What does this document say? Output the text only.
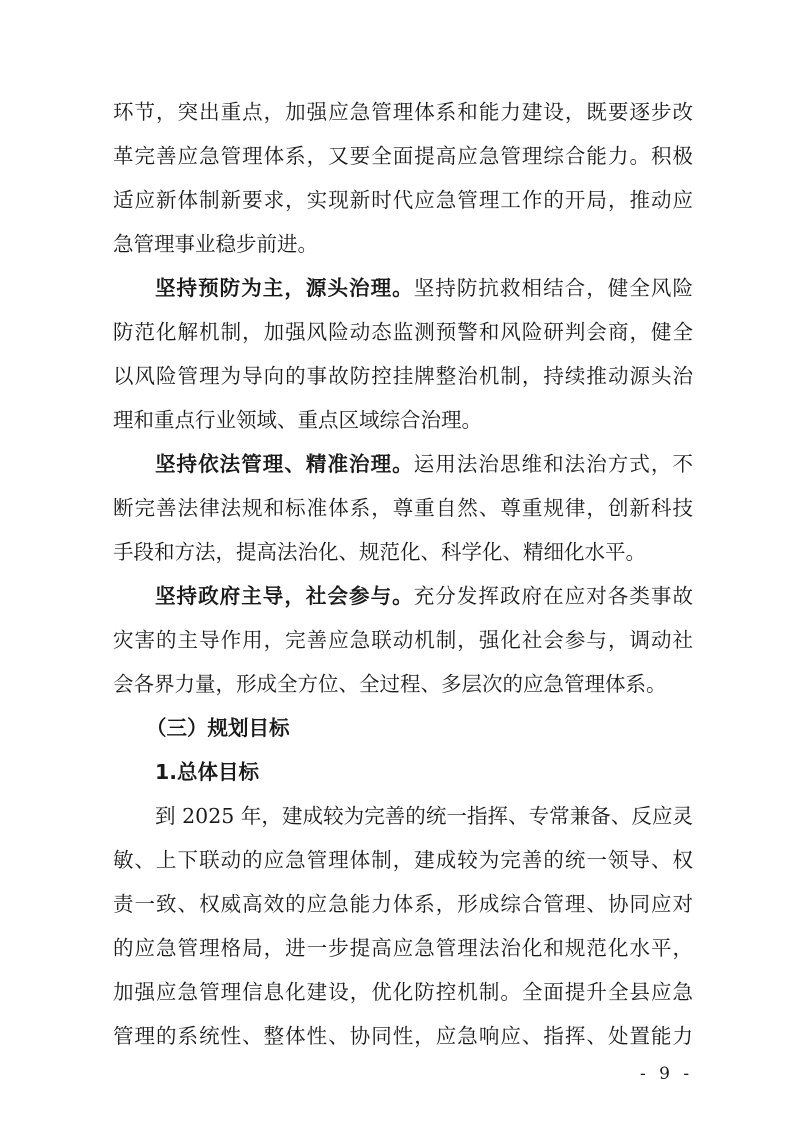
环节，突出重点，加强应急管理体系和能力建设，既要逐步改
革完善应急管理体系，又要全面提高应急管理综合能力。积极
适应新体制新要求，实现新时代应急管理工作的开局，推动应
急管理事业稳步前进。
坚持预防为主，源头治理。坚持防抗救相结合，健全风险
防范化解机制，加强风险动态监测预警和风险研判会商，健全
以风险管理为导向的事故防控挂牌整治机制，持续推动源头治
理和重点行业领域、重点区域综合治理。
坚持依法管理、精准治理。运用法治思维和法治方式，不
断完善法律法规和标准体系，尊重自然、尊重规律，创新科技
手段和方法，提高法治化、规范化、科学化、精细化水平。
坚持政府主导，社会参与。充分发挥政府在应对各类事故
灾害的主导作用，完善应急联动机制，强化社会参与，调动社
会各界力量，形成全方位、全过程、多层次的应急管理体系。
（三）规划目标
1.总体目标
到 2025 年，建成较为完善的统一指挥、专常兼备、反应灵
敏、上下联动的应急管理体制，建成较为完善的统一领导、权
责一致、权威高效的应急能力体系，形成综合管理、协同应对
的应急管理格局，进一步提高应急管理法治化和规范化水平，
加强应急管理信息化建设，优化防控机制。全面提升全县应急
管理的系统性、整体性、协同性，应急响应、指挥、处置能力
- 9 -
